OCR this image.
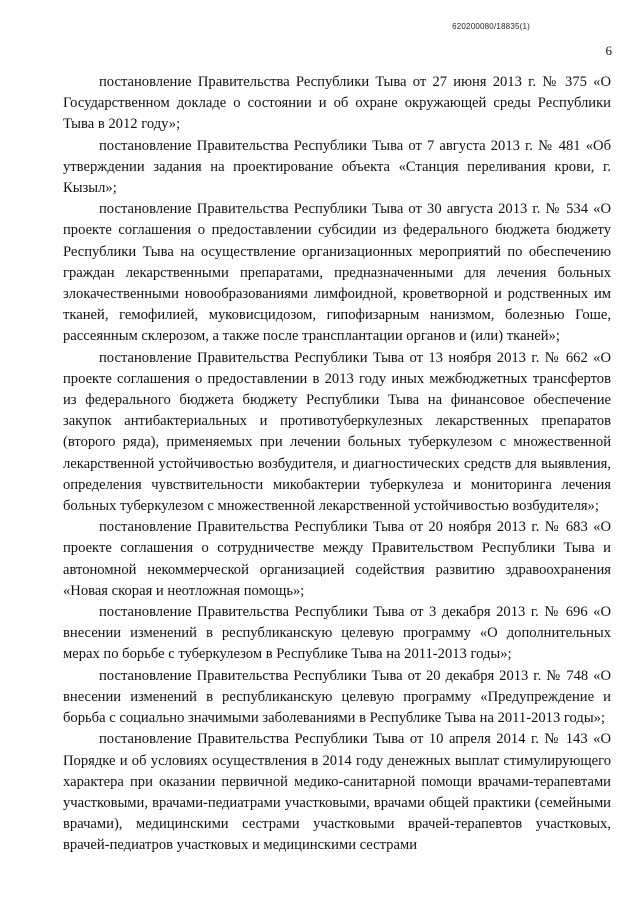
620200080/18835(1)
6

постановление Правительства Республики Тыва от 27 июня 2013 г. № 375 «О Государственном докладе о состоянии и об охране окружающей среды Республики Тыва в 2012 году»;

постановление Правительства Республики Тыва от 7 августа 2013 г. № 481 «Об утверждении задания на проектирование объекта «Станция переливания крови, г. Кызыл»;

постановление Правительства Республики Тыва от 30 августа 2013 г. № 534 «О проекте соглашения о предоставлении субсидии из федерального бюджета бюджету Республики Тыва на осуществление организационных мероприятий по обеспечению граждан лекарственными препаратами, предназначенными для лечения больных злокачественными новообразованиями лимфоидной, кроветворной и родственных им тканей, гемофилией, муковисцидозом, гипофизарным нанизмом, болезнью Гоше, рассеянным склерозом, а также после трансплантации органов и (или) тканей»;

постановление Правительства Республики Тыва от 13 ноября 2013 г. № 662 «О проекте соглашения о предоставлении в 2013 году иных межбюджетных трансфертов из федерального бюджета бюджету Республики Тыва на финансовое обеспечение закупок антибактериальных и противотуберкулезных лекарственных препаратов (второго ряда), применяемых при лечении больных туберкулезом с множественной лекарственной устойчивостью возбудителя, и диагностических средств для выявления, определения чувствительности микобактерии туберкулеза и мониторинга лечения больных туберкулезом с множественной лекарственной устойчивостью возбудителя»;

постановление Правительства Республики Тыва от 20 ноября 2013 г. № 683 «О проекте соглашения о сотрудничестве между Правительством Республики Тыва и автономной некоммерческой организацией содействия развитию здравоохранения «Новая скорая и неотложная помощь»;

постановление Правительства Республики Тыва от 3 декабря 2013 г. № 696 «О внесении изменений в республиканскую целевую программу «О дополнительных мерах по борьбе с туберкулезом в Республике Тыва на 2011-2013 годы»;

постановление Правительства Республики Тыва от 20 декабря 2013 г. № 748 «О внесении изменений в республиканскую целевую программу «Предупреждение и борьба с социально значимыми заболеваниями в Республике Тыва на 2011-2013 годы»;

постановление Правительства Республики Тыва от 10 апреля 2014 г. № 143 «О Порядке и об условиях осуществления в 2014 году денежных выплат стимулирующего характера при оказании первичной медико-санитарной помощи врачами-терапевтами участковыми, врачами-педиатрами участковыми, врачами общей практики (семейными врачами), медицинскими сестрами участковыми врачей-терапевтов участковых, врачей-педиатров участковых и медицинскими сестрами
